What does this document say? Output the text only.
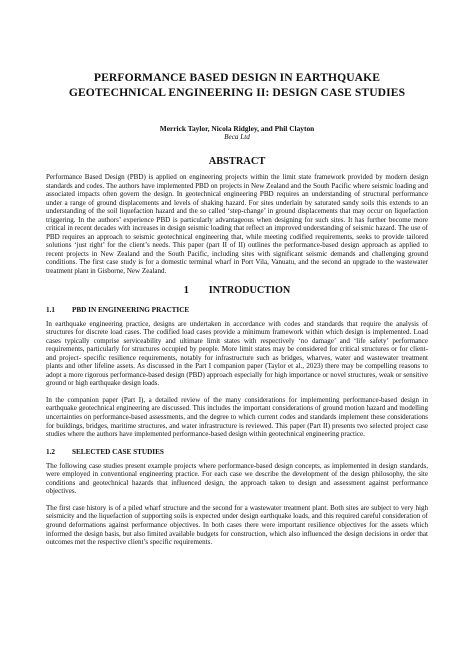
PERFORMANCE BASED DESIGN IN EARTHQUAKE GEOTECHNICAL ENGINEERING II: DESIGN CASE STUDIES
Merrick Taylor, Nicola Ridgley, and Phil Clayton
Beca Ltd
ABSTRACT

Performance Based Design (PBD) is applied on engineering projects within the limit state framework provided by modern design standards and codes. The authors have implemented PBD on projects in New Zealand and the South Pacific where seismic loading and associated impacts often govern the design. In geotechnical engineering PBD requires an understanding of structural performance under a range of ground displacements and levels of shaking hazard. For sites underlain by saturated sandy soils this extends to an understanding of the soil liquefaction hazard and the so called ‘step-change’ in ground displacements that may occur on liquefaction triggering. In the authors’ experience PBD is particularly advantageous when designing for such sites. It has further become more critical in recent decades with increases in design seismic loading that reflect an improved understanding of seismic hazard. The use of PBD requires an approach to seismic geotechnical engineering that, while meeting codified requirements, seeks to provide tailored solutions ‘just right’ for the client’s needs. This paper (part II of II) outlines the performance-based design approach as applied to recent projects in New Zealand and the South Pacific, including sites with significant seismic demands and challenging ground conditions. The first case study is for a domestic terminal wharf in Port Vila, Vanuatu, and the second an upgrade to the wastewater treatment plant in Gisborne, New Zealand.

1 INTRODUCTION
1.1 PBD IN ENGINEERING PRACTICE

In earthquake engineering practice, designs are undertaken in accordance with codes and standards that require the analysis of structures for discrete load cases. The codified load cases provide a minimum framework within which design is implemented. Load cases typically comprise serviceability and ultimate limit states with respectively ‘no damage’ and ‘life safety’ performance requirements, particularly for structures occupied by people. More limit states may be considered for critical structures or for client- and project- specific resilience requirements, notably for infrastructure such as bridges, wharves, water and wastewater treatment plants and other lifeline assets. As discussed in the Part I companion paper (Taylor et al., 2023) there may be compelling reasons to adopt a more rigorous performance-based design (PBD) approach especially for high importance or novel structures, weak or sensitive ground or high earthquake design loads.

In the companion paper (Part I), a detailed review of the many considerations for implementing performance-based design in earthquake geotechnical engineering are discussed. This includes the important considerations of ground motion hazard and modelling uncertainties on performance-based assessments, and the degree to which current codes and standards implement these considerations for buildings, bridges, maritime structures, and water infrastructure is reviewed. This paper (Part II) presents two selected project case studies where the authors have implemented performance-based design within geotechnical engineering practice.

1.2 SELECTED CASE STUDIES

The following case studies present example projects where performance-based design concepts, as implemented in design standards, were employed in conventional engineering practice. For each case we describe the development of the design philosophy, the site conditions and geotechnical hazards that influenced design, the approach taken to design and assessment against performance objectives.

The first case history is of a piled wharf structure and the second for a wastewater treatment plant. Both sites are subject to very high seismicity and the liquefaction of supporting soils is expected under design earthquake loads, and this required careful consideration of ground deformations against performance objectives. In both cases there were important resilience objectives for the assets which informed the design basis, but also limited available budgets for construction, which also influenced the design decisions in order that outcomes met the respective client’s specific requirements.
